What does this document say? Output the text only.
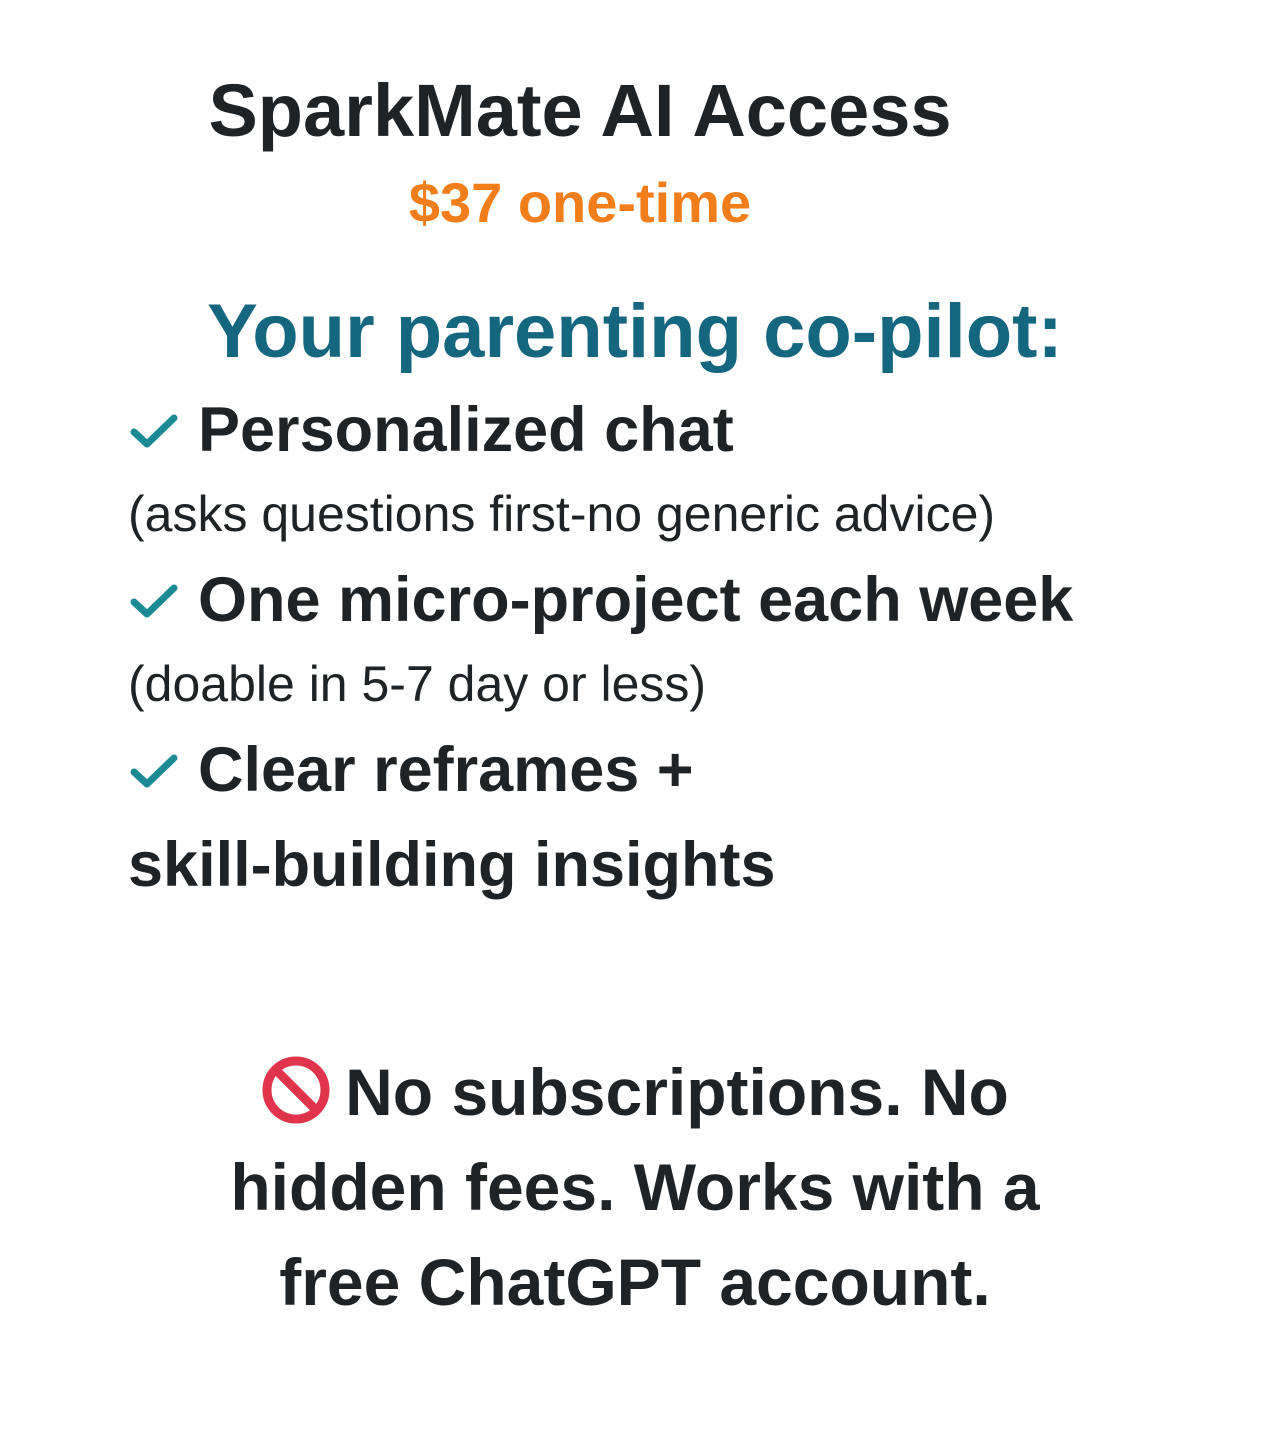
SparkMate AI Access
$37 one-time
Your parenting co-pilot:
Personalized chat
(asks questions first-no generic advice)
One micro-project each week
(doable in 5-7 day or less)
Clear reframes +
skill-building insights
No subscriptions. No
hidden fees. Works with a
free ChatGPT account.
